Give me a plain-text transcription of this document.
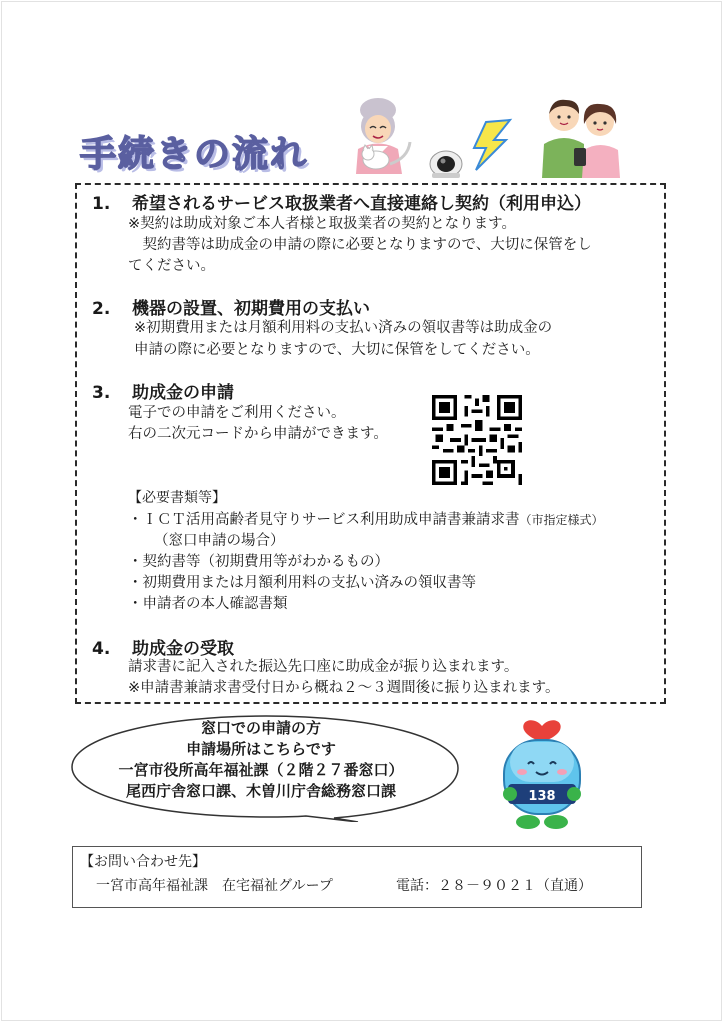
手続きの流れ
1. 希望されるサービス取扱業者へ直接連絡し契約（利用申込）
※契約は助成対象ご本人者様と取扱業者の契約となります。
　契約書等は助成金の申請の際に必要となりますので、大切に保管をし
てください。
2. 機器の設置、初期費用の支払い
※初期費用または月額利用料の支払い済みの領収書等は助成金の
申請の際に必要となりますので、大切に保管をしてください。
3. 助成金の申請
電子での申請をご利用ください。
右の二次元コードから申請ができます。
【必要書類等】
・ＩＣＴ活用高齢者見守りサービス利用助成申請書兼請求書（市指定様式）
（窓口申請の場合）
・契約書等（初期費用等がわかるもの）
・初期費用または月額利用料の支払い済みの領収書等
・申請者の本人確認書類
4. 助成金の受取
請求書に記入された振込先口座に助成金が振り込まれます。
※申請書兼請求書受付日から概ね２～３週間後に振り込まれます。
窓口での申請の方
申請場所はこちらです
一宮市役所高年福祉課（２階２７番窓口）
尾西庁舎窓口課、木曽川庁舎総務窓口課	138
【お問い合わせ先】
一宮市高年福祉課　在宅福祉グループ	電話：２８－９０２１（直通）
